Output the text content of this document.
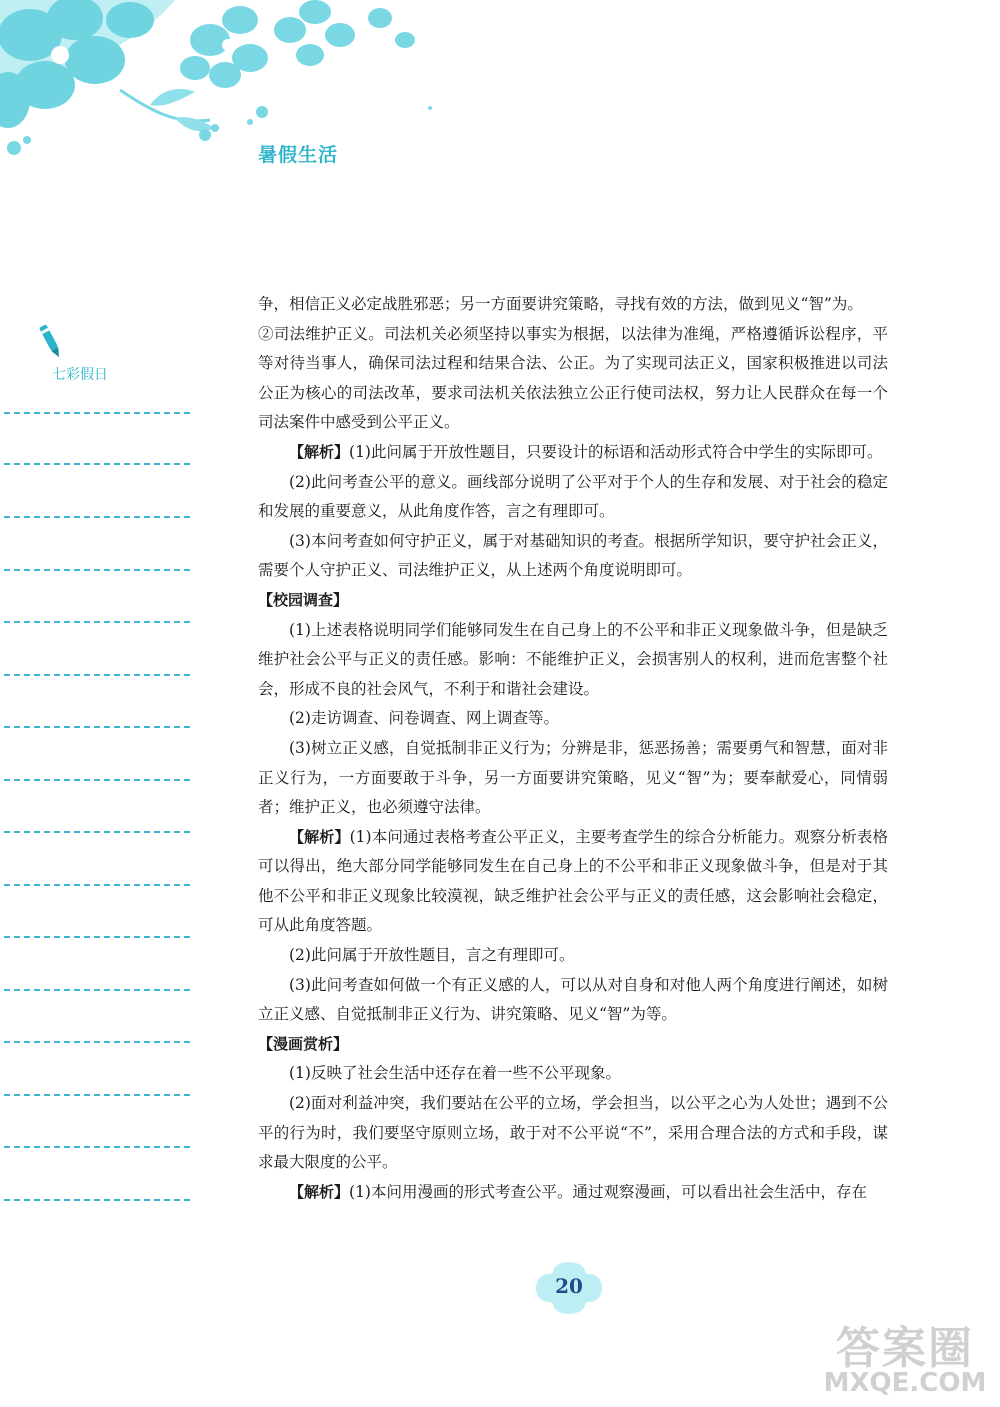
暑假生活
七彩假日

争，相信正义必定战胜邪恶；另一方面要讲究策略，寻找有效的方法，做到见义“智”为。

②司法维护正义。司法机关必须坚持以事实为根据，以法律为准绳，严格遵循诉讼程序，平等对待当事人，确保司法过程和结果合法、公正。为了实现司法正义，国家积极推进以司法公正为核心的司法改革，要求司法机关依法独立公正行使司法权，努力让人民群众在每一个司法案件中感受到公平正义。

【解析】(1)此问属于开放性题目，只要设计的标语和活动形式符合中学生的实际即可。

(2)此问考查公平的意义。画线部分说明了公平对于个人的生存和发展、对于社会的稳定和发展的重要意义，从此角度作答，言之有理即可。

(3)本问考查如何守护正义，属于对基础知识的考查。根据所学知识，要守护社会正义，需要个人守护正义、司法维护正义，从上述两个角度说明即可。

【校园调查】

(1)上述表格说明同学们能够同发生在自己身上的不公平和非正义现象做斗争，但是缺乏维护社会公平与正义的责任感。影响：不能维护正义，会损害别人的权利，进而危害整个社会，形成不良的社会风气，不利于和谐社会建设。

(2)走访调查、问卷调查、网上调查等。

(3)树立正义感，自觉抵制非正义行为；分辨是非，惩恶扬善；需要勇气和智慧，面对非正义行为，一方面要敢于斗争，另一方面要讲究策略，见义“智”为；要奉献爱心，同情弱者；维护正义，也必须遵守法律。

【解析】(1)本问通过表格考查公平正义，主要考查学生的综合分析能力。观察分析表格可以得出，绝大部分同学能够同发生在自己身上的不公平和非正义现象做斗争，但是对于其他不公平和非正义现象比较漠视，缺乏维护社会公平与正义的责任感，这会影响社会稳定，可从此角度答题。

(2)此问属于开放性题目，言之有理即可。

(3)此问考查如何做一个有正义感的人，可以从对自身和对他人两个角度进行阐述，如树立正义感、自觉抵制非正义行为、讲究策略、见义“智”为等。

【漫画赏析】

(1)反映了社会生活中还存在着一些不公平现象。

(2)面对利益冲突，我们要站在公平的立场，学会担当，以公平之心为人处世；遇到不公平的行为时，我们要坚守原则立场，敢于对不公平说“不”，采用合理合法的方式和手段，谋求最大限度的公平。

【解析】(1)本问用漫画的形式考查公平。通过观察漫画，可以看出社会生活中，存在

20
答案圈
MXQE.COM
